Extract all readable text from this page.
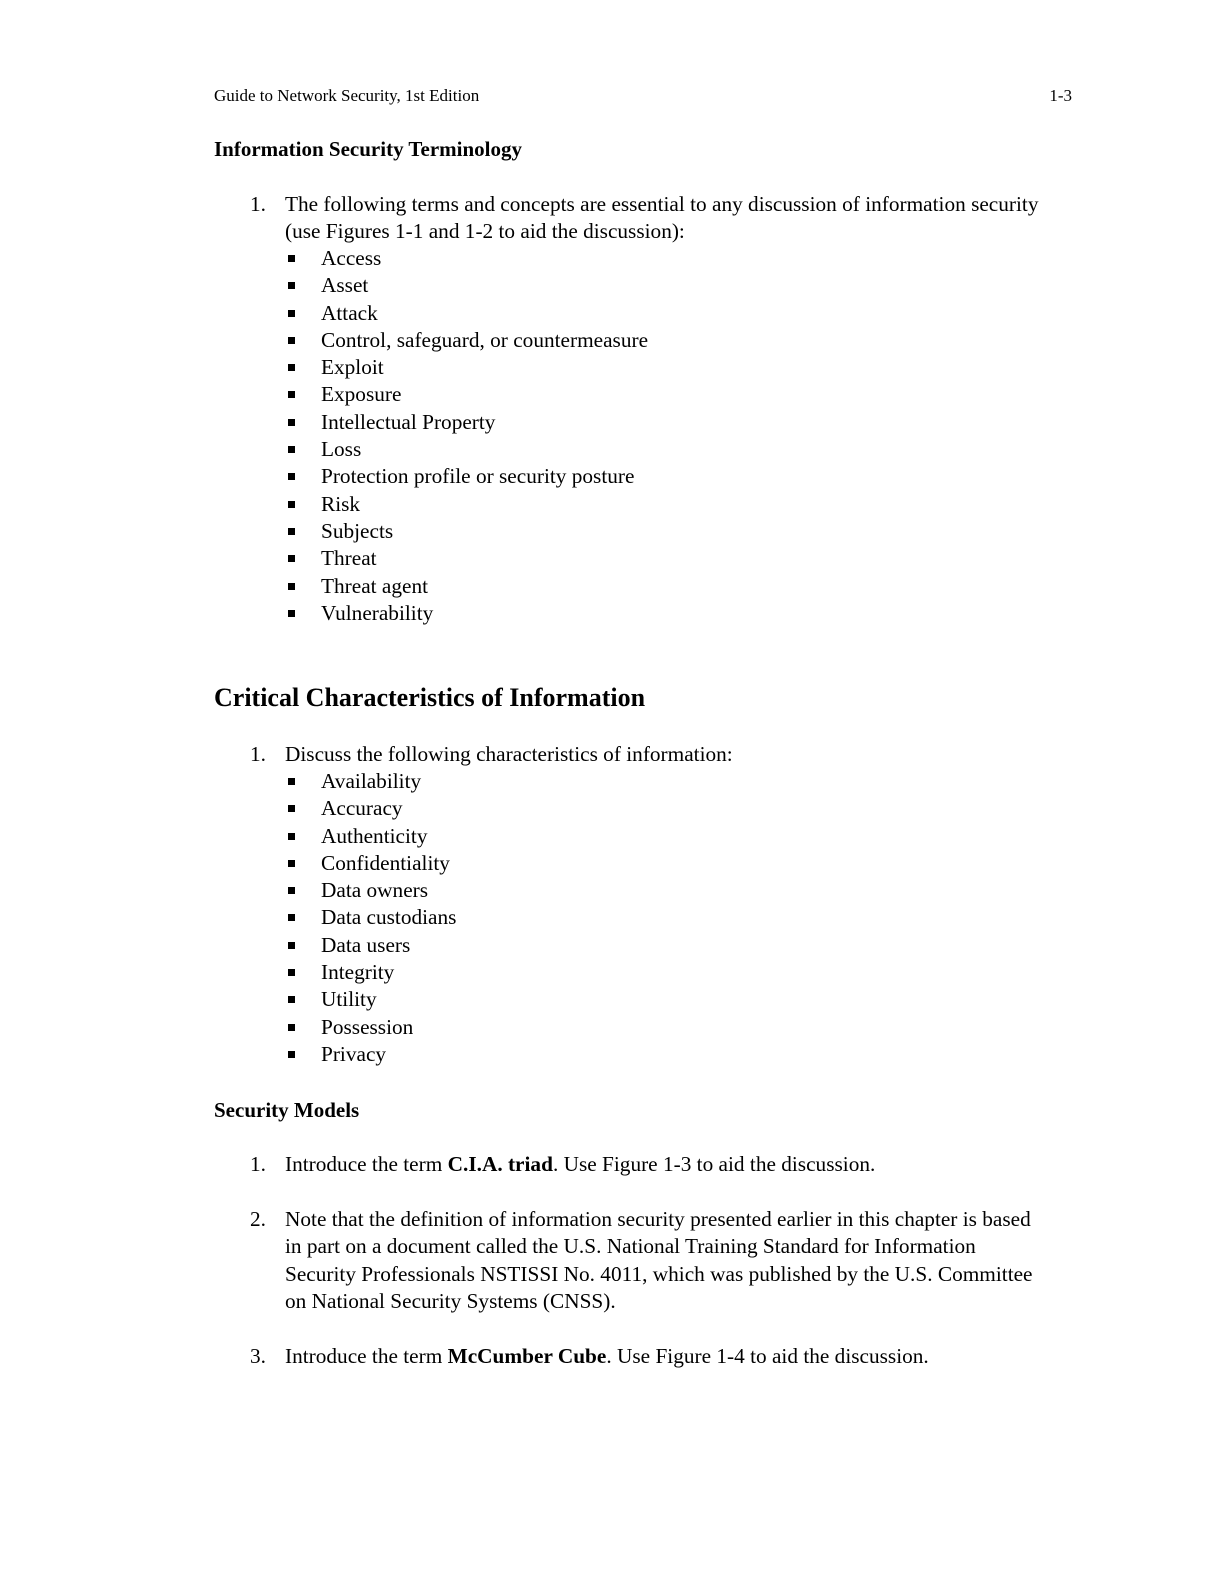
Guide to Network Security, 1st Edition	1-3
Information Security Terminology
1. The following terms and concepts are essential to any discussion of information security
(use Figures 1-1 and 1-2 to aid the discussion):
Access
Asset
Attack
Control, safeguard, or countermeasure
Exploit
Exposure
Intellectual Property
Loss
Protection profile or security posture
Risk
Subjects
Threat
Threat agent
Vulnerability
Critical Characteristics of Information
1. Discuss the following characteristics of information:
Availability
Accuracy
Authenticity
Confidentiality
Data owners
Data custodians
Data users
Integrity
Utility
Possession
Privacy
Security Models
1. Introduce the term C.I.A. triad. Use Figure 1-3 to aid the discussion.
2. Note that the definition of information security presented earlier in this chapter is based
in part on a document called the U.S. National Training Standard for Information
Security Professionals NSTISSI No. 4011, which was published by the U.S. Committee
on National Security Systems (CNSS).
3. Introduce the term McCumber Cube. Use Figure 1-4 to aid the discussion.
